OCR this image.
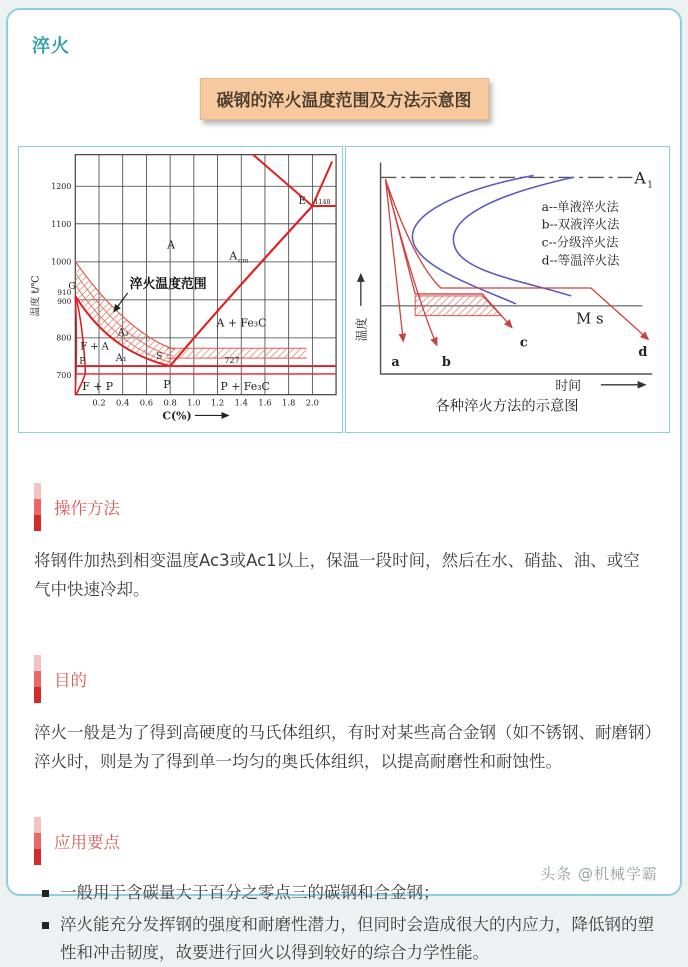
淬火
碳钢的淬火温度范围及方法示意图
1200
1100
1000
910
900
800
700
0.2 0.4 0.6 0.8 1.0 1.2 1.4 1.6 1.8 2.0
温度 t/℃
C(%)
淬火温度范围
A
A cm
E 1148
A + Fe₃C
727
A₃
A₁	S
G
F + A
P
F + P	P	P + Fe₃C
温度
A 1
M s
a	b
c
d
a--单液淬火法
b--双液淬火法
c--分级淬火法
d--等温淬火法
时间
各种淬火方法的示意图
操作方法
将钢件加热到相变温度Ac3或Ac1以上，保温一段时间，然后在水、硝盐、油、或空气中快速冷却。
目的
淬火一般是为了得到高硬度的马氏体组织，有时对某些高合金钢（如不锈钢、耐磨钢）淬火时，则是为了得到单一均匀的奥氏体组织，以提高耐磨性和耐蚀性。
应用要点
一般用于含碳量大于百分之零点三的碳钢和合金钢；
淬火能充分发挥钢的强度和耐磨性潜力，但同时会造成很大的内应力，降低钢的塑性和冲击韧度，故要进行回火以得到较好的综合力学性能。
头条 @机械学霸
